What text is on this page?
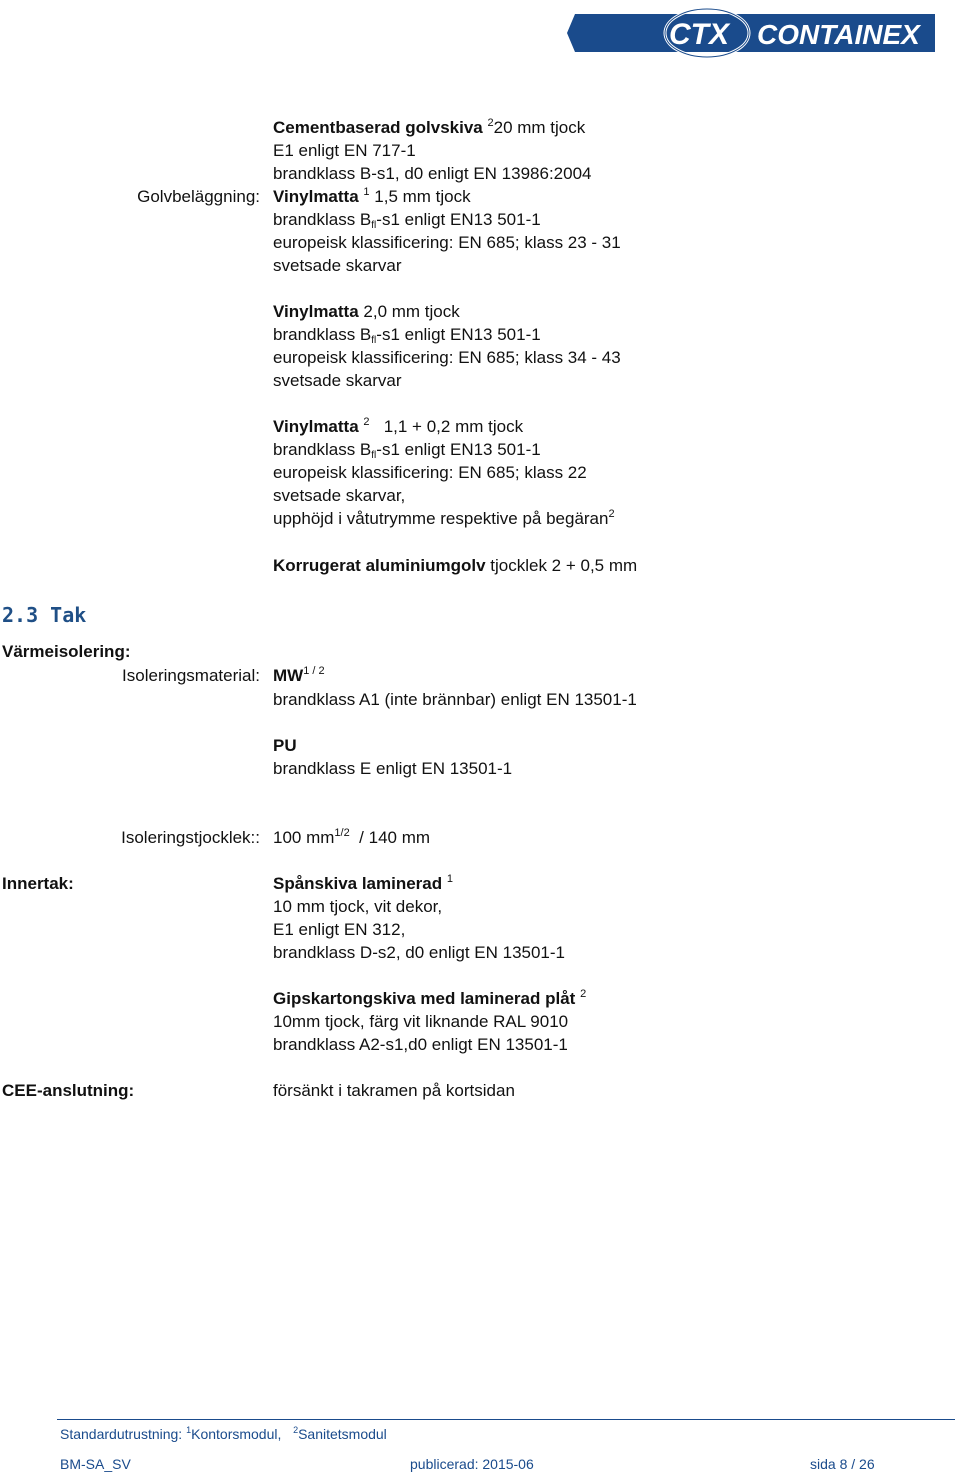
CTX CONTAINEX
Golvbeläggning:
Cementbaserad golvskiva $^2$20 mm tjock
E1 enligt EN 717-1
brandklass B-s1, d0 enligt EN 13986:2004
Vinylmatta $^1$ 1,5 mm tjock
brandklass $B_{fl}-s1$ enligt EN13 501-1
europeisk klassificering: EN 685; klass 23 - 31
svetsade skarvar
Vinylmatta 2,0 mm tjock
brandklass $B_{fl}-s1$ enligt EN13 501-1
europeisk klassificering: EN 685; klass 34 - 43
svetsade skarvar
Vinylmatta $^2$ 1,1 + 0,2 mm tjock
brandklass $B_{fl}-s1$ enligt EN13 501-1
europeisk klassificering: EN 685; klass 22
svetsade skarvar,
upphöjd i våtutrymme respektive på begäran$^2$
Korrugerat aluminiumgolv tjocklek 2 + 0,5 mm
2.3 Tak
Värmeisolering:
Isoleringsmaterial: $MW^{1 / 2}$
brandklass A1 (inte brännbar) enligt EN 13501-1
PU
brandklass E enligt EN 13501-1
Isoleringstjocklek:: 100 $mm^{1/2} / 140$ mm
Innertak:	Spånskiva laminerad $^1$
10 mm tjock, vit dekor,
E1 enligt EN 312,
brandklass D-s2, d0 enligt EN 13501-1
Gipskartongskiva med laminerad plåt $^2$
10mm tjock, färg vit liknande RAL 9010
brandklass A2-s1,d0 enligt EN 13501-1
CEE-anslutning:	försänkt i takramen på kortsidan
Standardutrustning: $^1$Kontorsmodul, $^2$Sanitetsmodul
BM-SA_SV	publicerad: 2015-06	sida 8 / 26
